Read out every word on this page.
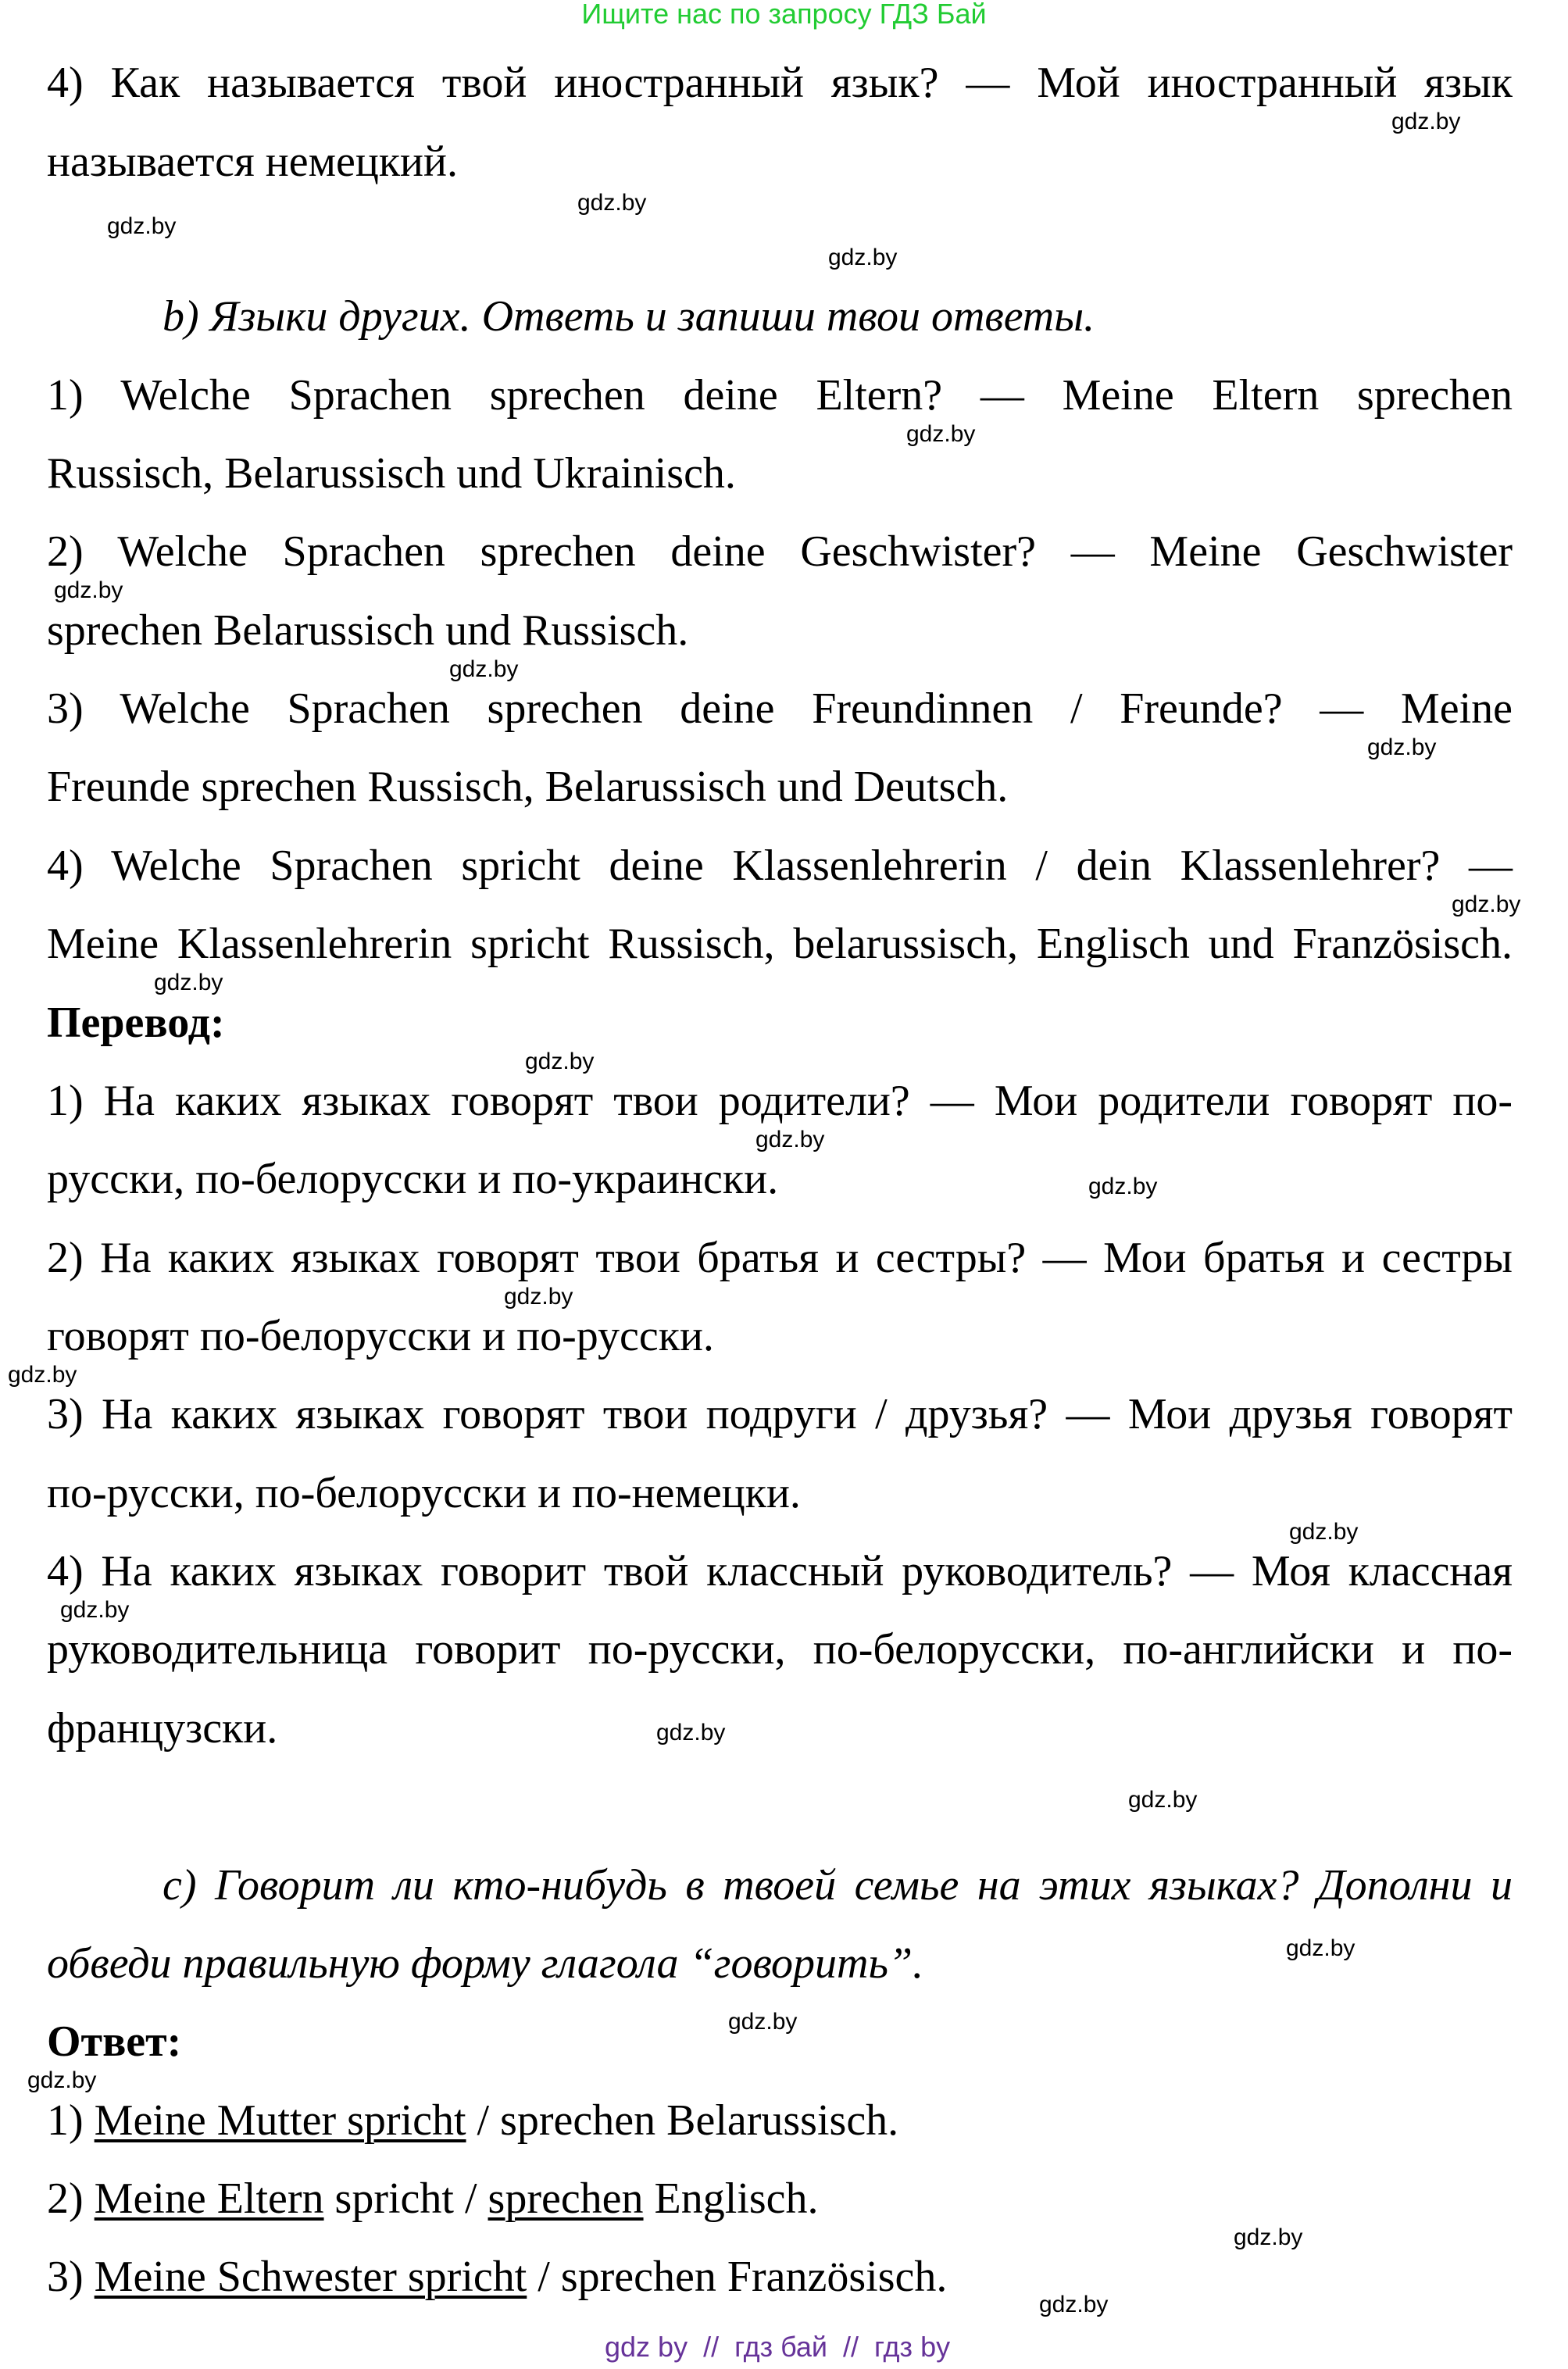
Ищите нас по запросу ГДЗ Бай
4) Как называется твой иностранный язык? — Мой иностранный язык
называется немецкий.
b) Языки других. Ответь и запиши твои ответы.
1) Welche Sprachen sprechen deine Eltern? — Meine Eltern sprechen
Russisch, Belarussisch und Ukrainisch.
2) Welche Sprachen sprechen deine Geschwister? — Meine Geschwister
sprechen Belarussisch und Russisch.
3) Welche Sprachen sprechen deine Freundinnen / Freunde? — Meine
Freunde sprechen Russisch, Belarussisch und Deutsch.
4) Welche Sprachen spricht deine Klassenlehrerin / dein Klassenlehrer? —
Meine Klassenlehrerin spricht Russisch, belarussisch, Englisch und Französisch.
Перевод:
1) На каких языках говорят твои родители? — Мои родители говорят по-
русски, по-белорусски и по-украински.
2) На каких языках говорят твои братья и сестры? — Мои братья и сестры
говорят по-белорусски и по-русски.
3) На каких языках говорят твои подруги / друзья? — Мои друзья говорят
по-русски, по-белорусски и по-немецки.
4) На каких языках говорит твой классный руководитель? — Моя классная
руководительница говорит по-русски, по-белорусски, по-английски и по-
французски.
c) Говорит ли кто-нибудь в твоей семье на этих языках? Дополни и
обведи правильную форму глагола “говорить”.
Ответ:
1) Meine Mutter spricht / sprechen Belarussisch.
2) Meine Eltern spricht / sprechen Englisch.
3) Meine Schwester spricht / sprechen Französisch.
gdz.by
gdz.by
gdz.by
gdz.by
gdz.by
gdz.by
gdz.by
gdz.by
gdz.by
gdz.by
gdz.by
gdz.by
gdz.by
gdz.by
gdz.by
gdz.by
gdz.by
gdz.by
gdz.by
gdz.by
gdz.by
gdz.by
gdz.by
gdz.by
gdz by  //  гдз бай  //  гдз by
